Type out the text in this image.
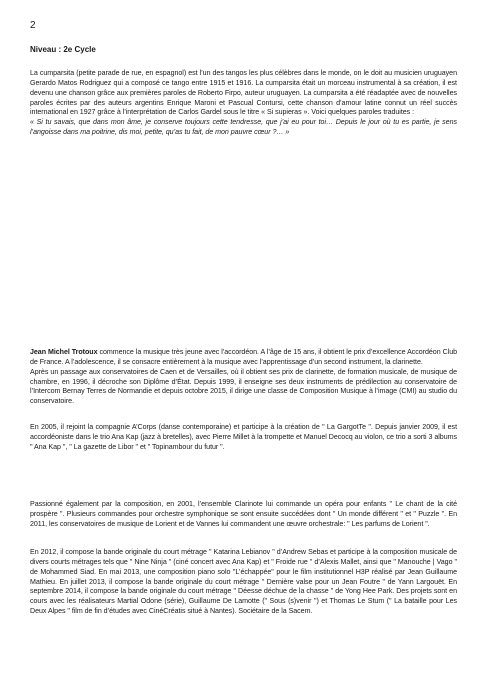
2
Niveau : 2e Cycle

La cumparsita (petite parade de rue, en espagnol) est l’un des tangos les plus célèbres dans le monde, on le doit au musicien uruguayen Gerardo Matos Rodriguez qui a composé ce tango entre 1915 et 1916. La cumparsita était un morceau instrumental à sa création, il est devenu une chanson grâce aux premières paroles de Roberto Firpo, auteur uruguayen. La cumparsita a été réadaptée avec de nouvelles paroles écrites par des auteurs argentins Enrique Maroni et Pascual Contursi, cette chanson d’amour latine connut un réel succès international en 1927 grâce à l’interprétation de Carlos Gardel sous le titre « Si supieras ». Voici quelques paroles traduites :

« Si tu savais, que dans mon âme, je conserve toujours cette tendresse, que j’ai eu pour toi… Depuis le jour où tu es partie, je sens l’angoisse dans ma poitrine, dis moi, petite, qu’as tu fait, de mon pauvre cœur ?… »

Jean Michel Trotoux commence la musique très jeune avec l’accordéon. A l’âge de 15 ans, il obtient le prix d’excellence Accordéon Club de France. A l’adolescence, il se consacre entièrement à la musique avec l’apprentissage d’un second instrument, la clarinette.

Après un passage aux conservatoires de Caen et de Versailles, où il obtient ses prix de clarinette, de formation musicale, de musique de chambre, en 1996, il décroche son Diplôme d’État. Depuis 1999, il enseigne ses deux instruments de prédilection au conservatoire de l’Intercom Bernay Terres de Normandie et depuis octobre 2015, il dirige une classe de Composition Musique à l’image (CMI) au studio du conservatoire.

En 2005, il rejoint la compagnie A’Corps (danse contemporaine) et participe à la création de " La GargotTe ". Depuis janvier 2009, il est accordéoniste dans le trio Ana Kap (jazz à bretelles), avec Pierre Millet à la trompette et Manuel Decocq au violon, ce trio a sorti 3 albums " Ana Kap ", " La gazette de Libor " et " Topinambour du futur ".
Passionné également par la composition, en 2001, l’ensemble Clarinote lui commande un opéra pour enfants " Le chant de la cité prospère ". Plusieurs commandes pour orchestre symphonique se sont ensuite succédées dont " Un monde différent " et " Puzzle ". En 2011, les conservatoires de musique de Lorient et de Vannes lui commandent une œuvre orchestrale: " Les parfums de Lorient ".
En 2012, il compose la bande originale du court métrage " Katarina Lebianov " d’Andrew Sebas et participe à la composition musicale de divers courts métrages tels que " Nine Ninja " (ciné concert avec Ana Kap) et " Froide rue " d’Alexis Mallet, ainsi que " Manouche | Vago " de Mohammed Siad. En mai 2013, une composition piano solo "L’échappée" pour le film institutionnel H3P réalisé par Jean Guillaume Mathieu. En juillet 2013, il compose la bande originale du court métrage " Dernière valse pour un Jean Foutre " de Yann Largouët. En septembre 2014, il compose la bande originale du court métrage " Déesse déchue de la chasse " de Yong Hee Park. Des projets sont en cours avec les réalisateurs Martial Odone (série), Guillaume De Lamotte (" Sous (s)venir ") et Thomas Le Stum (" La bataille pour Les Deux Alpes " film de fin d’études avec CinéCréatis situé à Nantes). Sociétaire de la Sacem.
